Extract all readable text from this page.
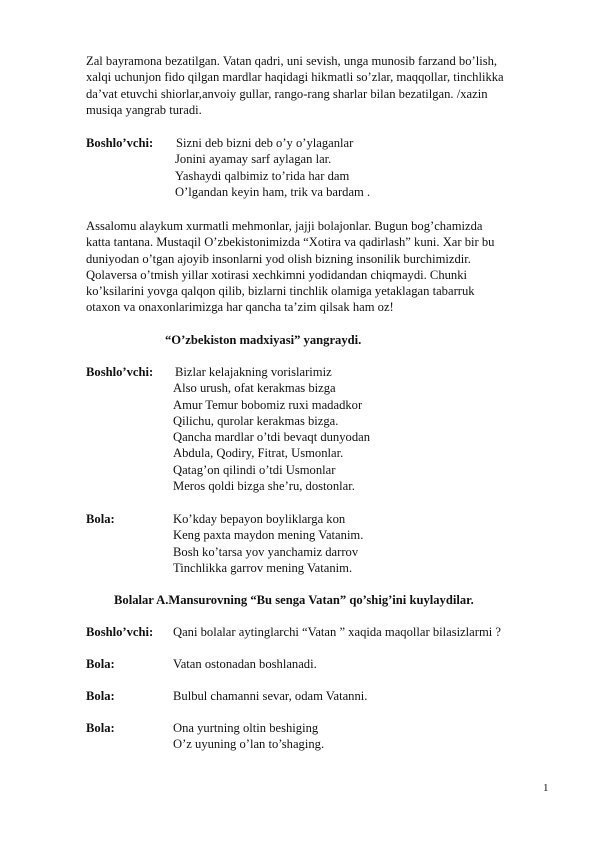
Zal bayramona bezatilgan. Vatan qadri, uni sevish, unga munosib farzand bo’lish,
xalqi uchunjon fido qilgan mardlar haqidagi hikmatli so’zlar, maqqollar, tinchlikka
da’vat etuvchi shiorlar,anvoiy gullar, rango-rang sharlar bilan bezatilgan. /xazin
musiqa yangrab turadi.

Boshlo’vchi: Sizni deb bizni deb o’y o’ylaganlar
Jonini ayamay sarf aylagan lar.
Yashaydi qalbimiz to’rida har dam
O’lgandan keyin ham, trik va bardam .

Assalomu alaykum xurmatli mehmonlar, jajji bolajonlar. Bugun bog’chamizda
katta tantana. Mustaqil O’zbekistonimizda “Xotira va qadirlash” kuni. Xar bir bu
duniyodan o’tgan ajoyib insonlarni yod olish bizning insonilik burchimizdir.
Qolaversa o’tmish yillar xotirasi xechkimni yodidandan chiqmaydi. Chunki
ko’ksilarini yovga qalqon qilib, bizlarni tinchlik olamiga yetaklagan tabarruk
otaxon va onaxonlarimizga har qancha ta’zim qilsak ham oz!

“O’zbekiston madxiyasi” yangraydi.
Boshlo’vchi: Bizlar kelajakning vorislarimiz
Also urush, ofat kerakmas bizga
Amur Temur bobomiz ruxi madadkor
Qilichu, qurolar kerakmas bizga.
Qancha mardlar o’tdi bevaqt dunyodan
Abdula, Qodiry, Fitrat, Usmonlar.
Qatag’on qilindi o’tdi Usmonlar
Meros qoldi bizga she’ru, dostonlar.
Bola:	Ko’kday bepayon boyliklarga kon
Keng paxta maydon mening Vatanim.
Bosh ko’tarsa yov yanchamiz darrov
Tinchlikka garrov mening Vatanim.
Bolalar A.Mansurovning “Bu senga Vatan” qo’shig’ini kuylaydilar.
Boshlo’vchi: Qani bolalar aytinglarchi “Vatan ” xaqida maqollar bilasizlarmi ?
Bola:	Vatan ostonadan boshlanadi.
Bola:	Bulbul chamanni sevar, odam Vatanni.
Bola:	Ona yurtning oltin beshiging
O’z uyuning o’lan to’shaging.
1
